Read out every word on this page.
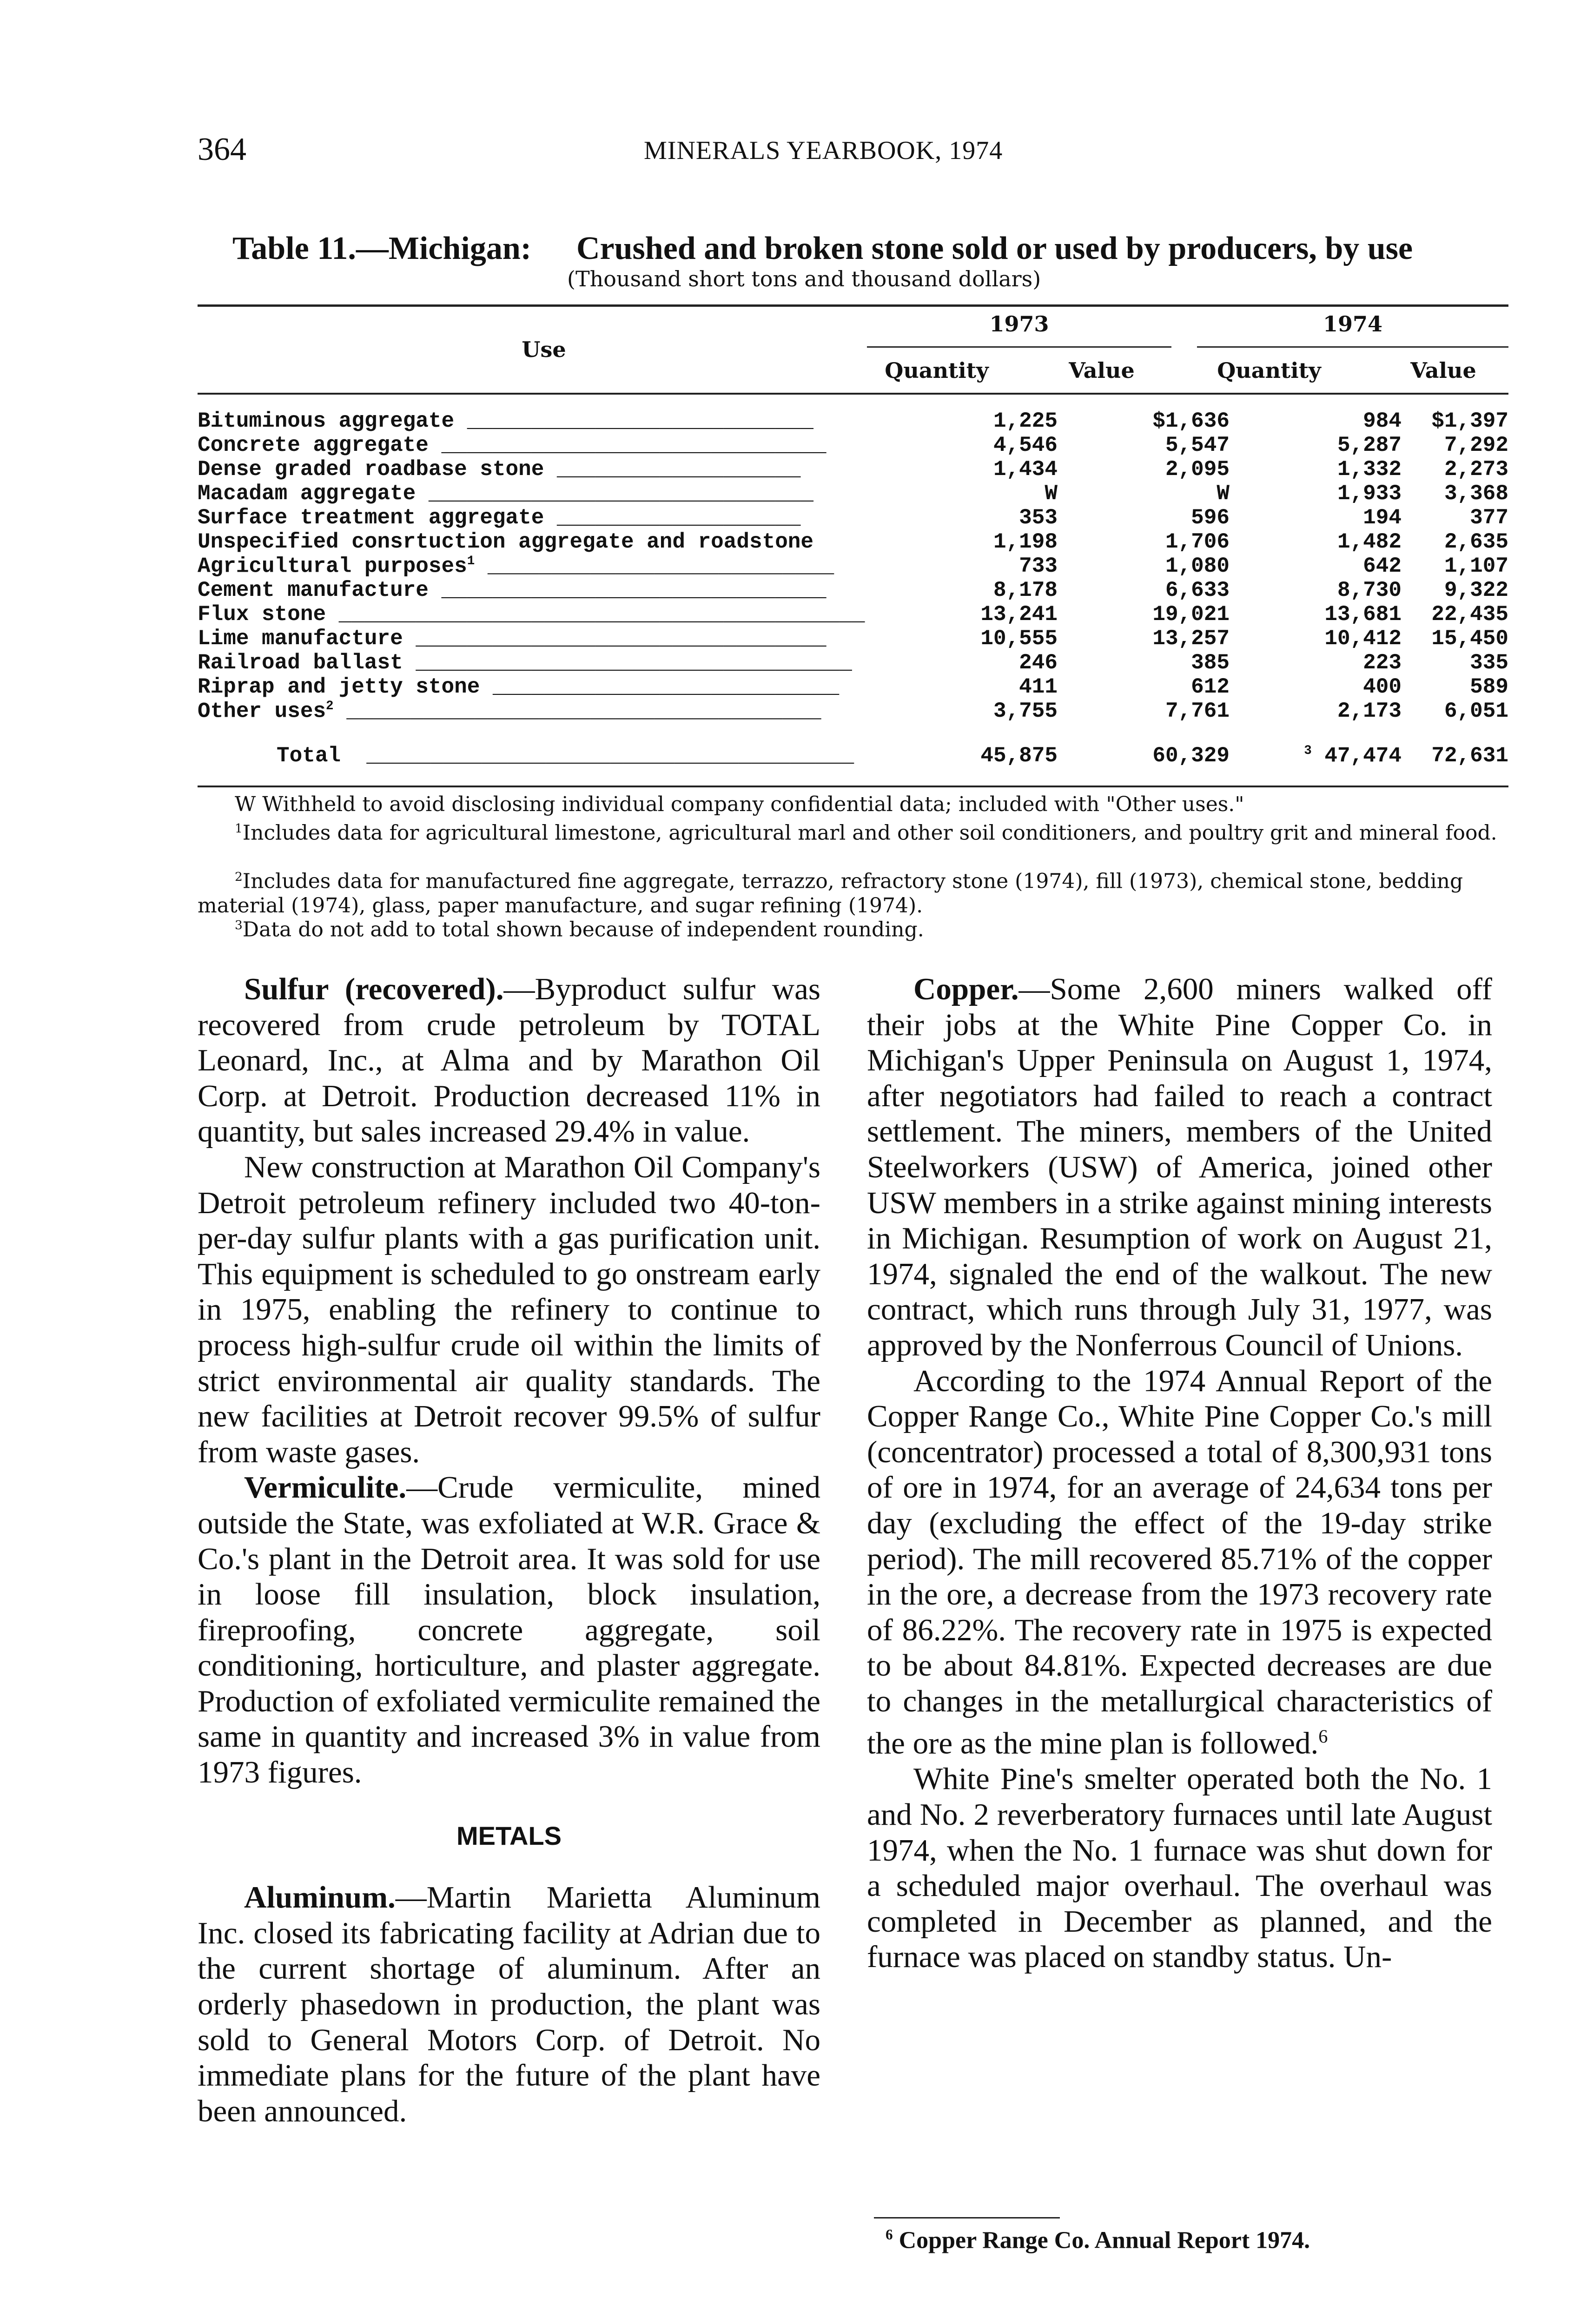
364	MINERALS YEARBOOK, 1974
Table 11.—Michigan: Crushed and broken stone sold or used by producers, by use
(Thousand short tons and thousand dollars)
Use
1973	1974
Quantity	Value	Quantity	Value
Bituminous aggregate ___________________________	1,225	$1,636	984	$1,397
Concrete aggregate ______________________________	4,546	5,547	5,287	7,292
Dense graded roadbase stone ___________________	1,434	2,095	1,332	2,273
Macadam aggregate ______________________________	W	W	1,933	3,368
Surface treatment aggregate ___________________	353	596	194	377
Unspecified consrtuction aggregate and roadstone	1,198	1,706	1,482	2,635
Agricultural purposes$^1$ ___________________________	733	1,080	642	1,107
Cement manufacture ______________________________	8,178	6,633	8,730	9,322
Flux stone _________________________________________	13,241	19,021	13,681	22,435
Lime manufacture ________________________________	10,555	13,257	10,412	15,450
Railroad ballast __________________________________	246	385	223	335
Riprap and jetty stone ___________________________	411	612	400	589
Other uses$^2$ _____________________________________	3,755	7,761	2,173	6,051
Total ______________________________________	45,875	60,329	$^3$ 47,474	72,631
W Withheld to avoid disclosing individual company confidential data; included with "Other uses."
$^1$Includes data for agricultural limestone, agricultural marl and other soil conditioners, and poultry grit and mineral food.
$^2$Includes data for manufactured fine aggregate, terrazzo, refractory stone (1974), fill (1973), chemical stone, bedding material (1974), glass, paper manufacture, and sugar refining (1974).
$^3$Data do not add to total shown because of independent rounding.

Sulfur (recovered).—Byproduct sulfur was recovered from crude petroleum by TOTAL Leonard, Inc., at Alma and by Marathon Oil Corp. at Detroit. Production decreased 11% in quantity, but sales increased 29.4% in value.

New construction at Marathon Oil Company's Detroit petroleum refinery included two 40-ton-per-day sulfur plants with a gas purification unit. This equipment is scheduled to go onstream early in 1975, enabling the refinery to continue to process high-sulfur crude oil within the limits of strict environmental air quality standards. The new facilities at Detroit recover 99.5% of sulfur from waste gases.

Vermiculite.—Crude vermiculite, mined outside the State, was exfoliated at W.R. Grace & Co.'s plant in the Detroit area. It was sold for use in loose fill insulation, block insulation, fireproofing, concrete aggregate, soil conditioning, horticulture, and plaster aggregate. Production of exfoliated vermiculite remained the same in quantity and increased 3% in value from 1973 figures.

METALS

Aluminum.—Martin Marietta Aluminum Inc. closed its fabricating facility at Adrian due to the current shortage of aluminum. After an orderly phasedown in production, the plant was sold to General Motors Corp. of Detroit. No immediate plans for the future of the plant have been announced.

Copper.—Some 2,600 miners walked off their jobs at the White Pine Copper Co. in Michigan's Upper Peninsula on August 1, 1974, after negotiators had failed to reach a contract settlement. The miners, members of the United Steelworkers (USW) of America, joined other USW members in a strike against mining interests in Michigan. Resumption of work on August 21, 1974, signaled the end of the walkout. The new contract, which runs through July 31, 1977, was approved by the Nonferrous Council of Unions.

According to the 1974 Annual Report of the Copper Range Co., White Pine Copper Co.'s mill (concentrator) processed a total of 8,300,931 tons of ore in 1974, for an average of 24,634 tons per day (excluding the effect of the 19-day strike period). The mill recovered 85.71% of the copper in the ore, a decrease from the 1973 recovery rate of 86.22%. The recovery rate in 1975 is expected to be about 84.81%. Expected decreases are due to changes in the metallurgical characteristics of the ore as the mine plan is followed.$^6$

White Pine's smelter operated both the No. 1 and No. 2 reverberatory furnaces until late August 1974, when the No. 1 furnace was shut down for a scheduled major overhaul. The overhaul was completed in December as planned, and the furnace was placed on standby status. Un-

$^6$ Copper Range Co. Annual Report 1974.
